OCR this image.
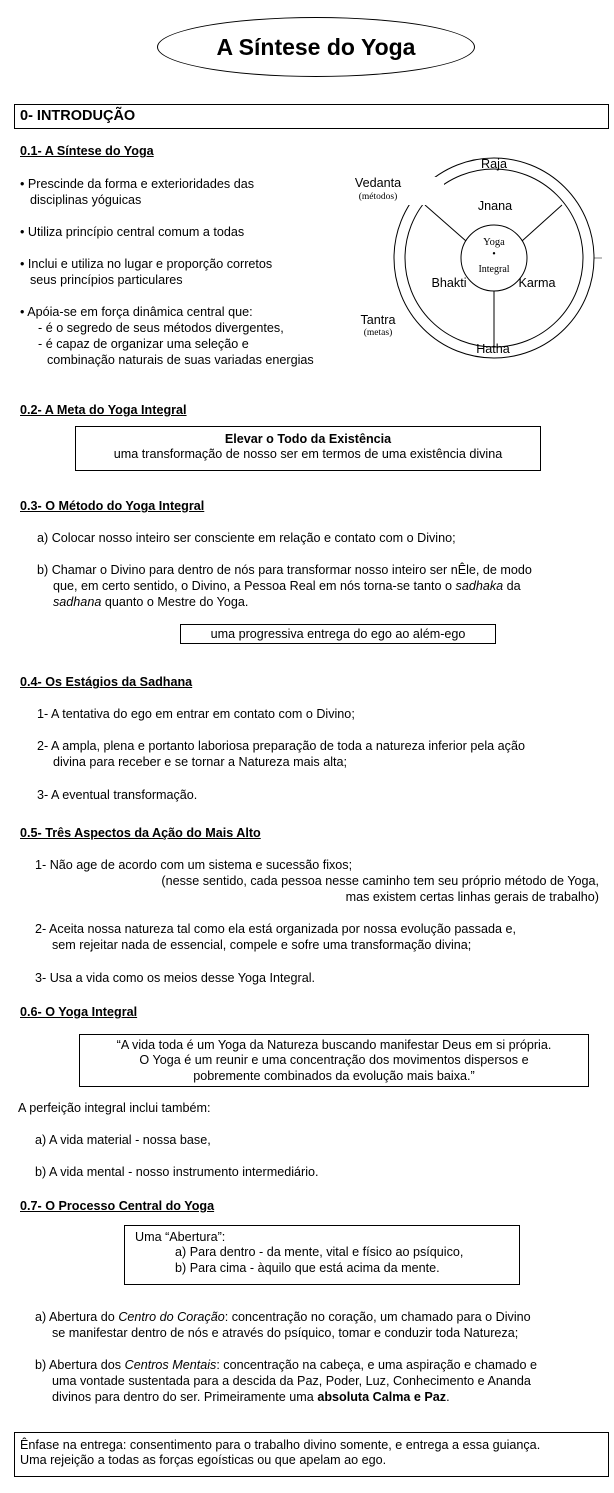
A Síntese do Yoga
0- INTRODUÇÃO
0.1- A Síntese do Yoga
• Prescinde da forma e exterioridades das
disciplinas yóguicas
• Utiliza princípio central comum a todas
• Inclui e utiliza no lugar e proporção corretos
seus princípios particulares
• Apóia-se em força dinâmica central que:
- é o segredo de seus métodos divergentes,
- é capaz de organizar uma seleção e
combinação naturais de suas variadas energias
Raja
Jnana
Bhakti	Karma
Hatha
Yoga
•
Integral
Vedanta
(métodos)
Tantra
(metas)
0.2- A Meta do Yoga Integral
Elevar o Todo da Existência
uma transformação de nosso ser em termos de uma existência divina
0.3- O Método do Yoga Integral
a) Colocar nosso inteiro ser consciente em relação e contato com o Divino;
b) Chamar o Divino para dentro de nós para transformar nosso inteiro ser nÊle, de modo
que, em certo sentido, o Divino, a Pessoa Real em nós torna-se tanto o sadhaka da
sadhana quanto o Mestre do Yoga.
uma progressiva entrega do ego ao além-ego
0.4- Os Estágios da Sadhana
1- A tentativa do ego em entrar em contato com o Divino;
2- A ampla, plena e portanto laboriosa preparação de toda a natureza inferior pela ação
divina para receber e se tornar a Natureza mais alta;
3- A eventual transformação.
0.5- Três Aspectos da Ação do Mais Alto
1- Não age de acordo com um sistema e sucessão fixos;
(nesse sentido, cada pessoa nesse caminho tem seu próprio método de Yoga,
mas existem certas linhas gerais de trabalho)
2- Aceita nossa natureza tal como ela está organizada por nossa evolução passada e,
sem rejeitar nada de essencial, compele e sofre uma transformação divina;
3- Usa a vida como os meios desse Yoga Integral.
0.6- O Yoga Integral
“A vida toda é um Yoga da Natureza buscando manifestar Deus em si própria.
O Yoga é um reunir e uma concentração dos movimentos dispersos e
pobremente combinados da evolução mais baixa.”
A perfeição integral inclui também:
a) A vida material - nossa base,
b) A vida mental - nosso instrumento intermediário.
0.7- O Processo Central do Yoga
Uma “Abertura”:
a) Para dentro - da mente, vital e físico ao psíquico,
b) Para cima - àquilo que está acima da mente.
a) Abertura do Centro do Coração: concentração no coração, um chamado para o Divino
se manifestar dentro de nós e através do psíquico, tomar e conduzir toda Natureza;
b) Abertura dos Centros Mentais: concentração na cabeça, e uma aspiração e chamado e
uma vontade sustentada para a descida da Paz, Poder, Luz, Conhecimento e Ananda
divinos para dentro do ser. Primeiramente uma absoluta Calma e Paz.
Ênfase na entrega: consentimento para o trabalho divino somente, e entrega a essa guiança.
Uma rejeição a todas as forças egoísticas ou que apelam ao ego.
